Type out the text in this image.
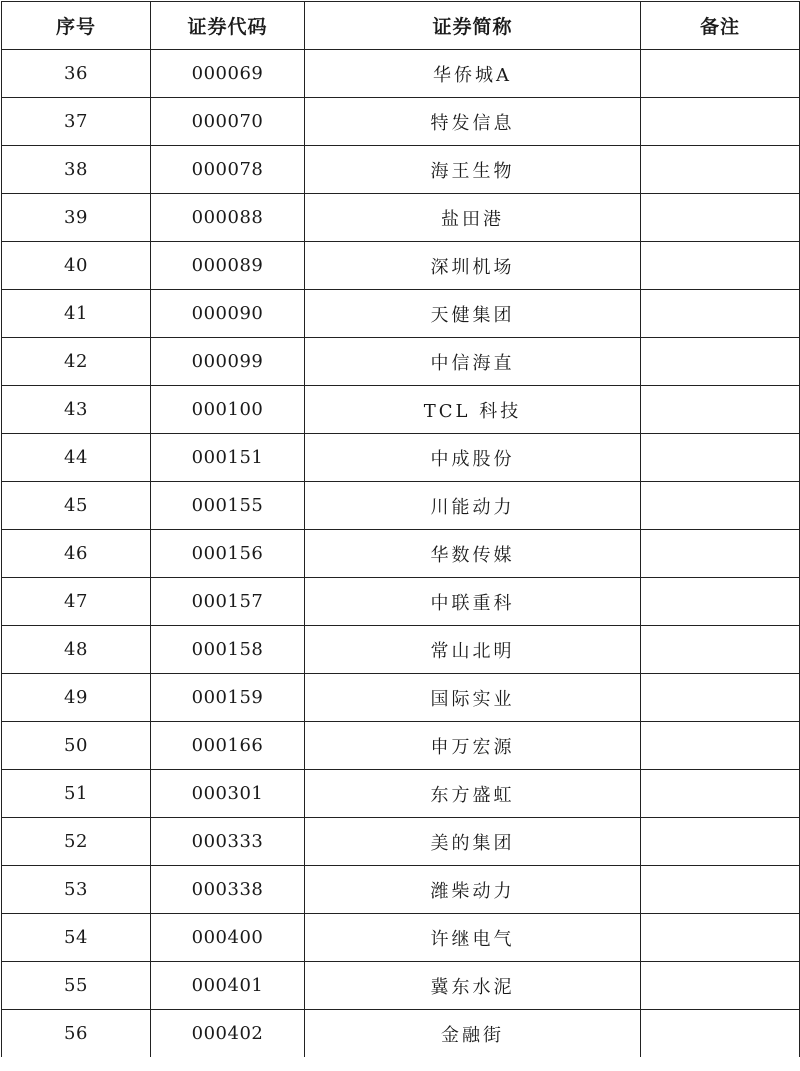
序号	证券代码	证券简称	备注
36	000069	华侨城A	
37	000070	特发信息	
38	000078	海王生物	
39	000088	盐田港	
40	000089	深圳机场	
41	000090	天健集团	
42	000099	中信海直	
43	000100	TCL 科技	
44	000151	中成股份	
45	000155	川能动力	
46	000156	华数传媒	
47	000157	中联重科	
48	000158	常山北明	
49	000159	国际实业	
50	000166	申万宏源	
51	000301	东方盛虹	
52	000333	美的集团	
53	000338	潍柴动力	
54	000400	许继电气	
55	000401	冀东水泥	
56	000402	金融街	
